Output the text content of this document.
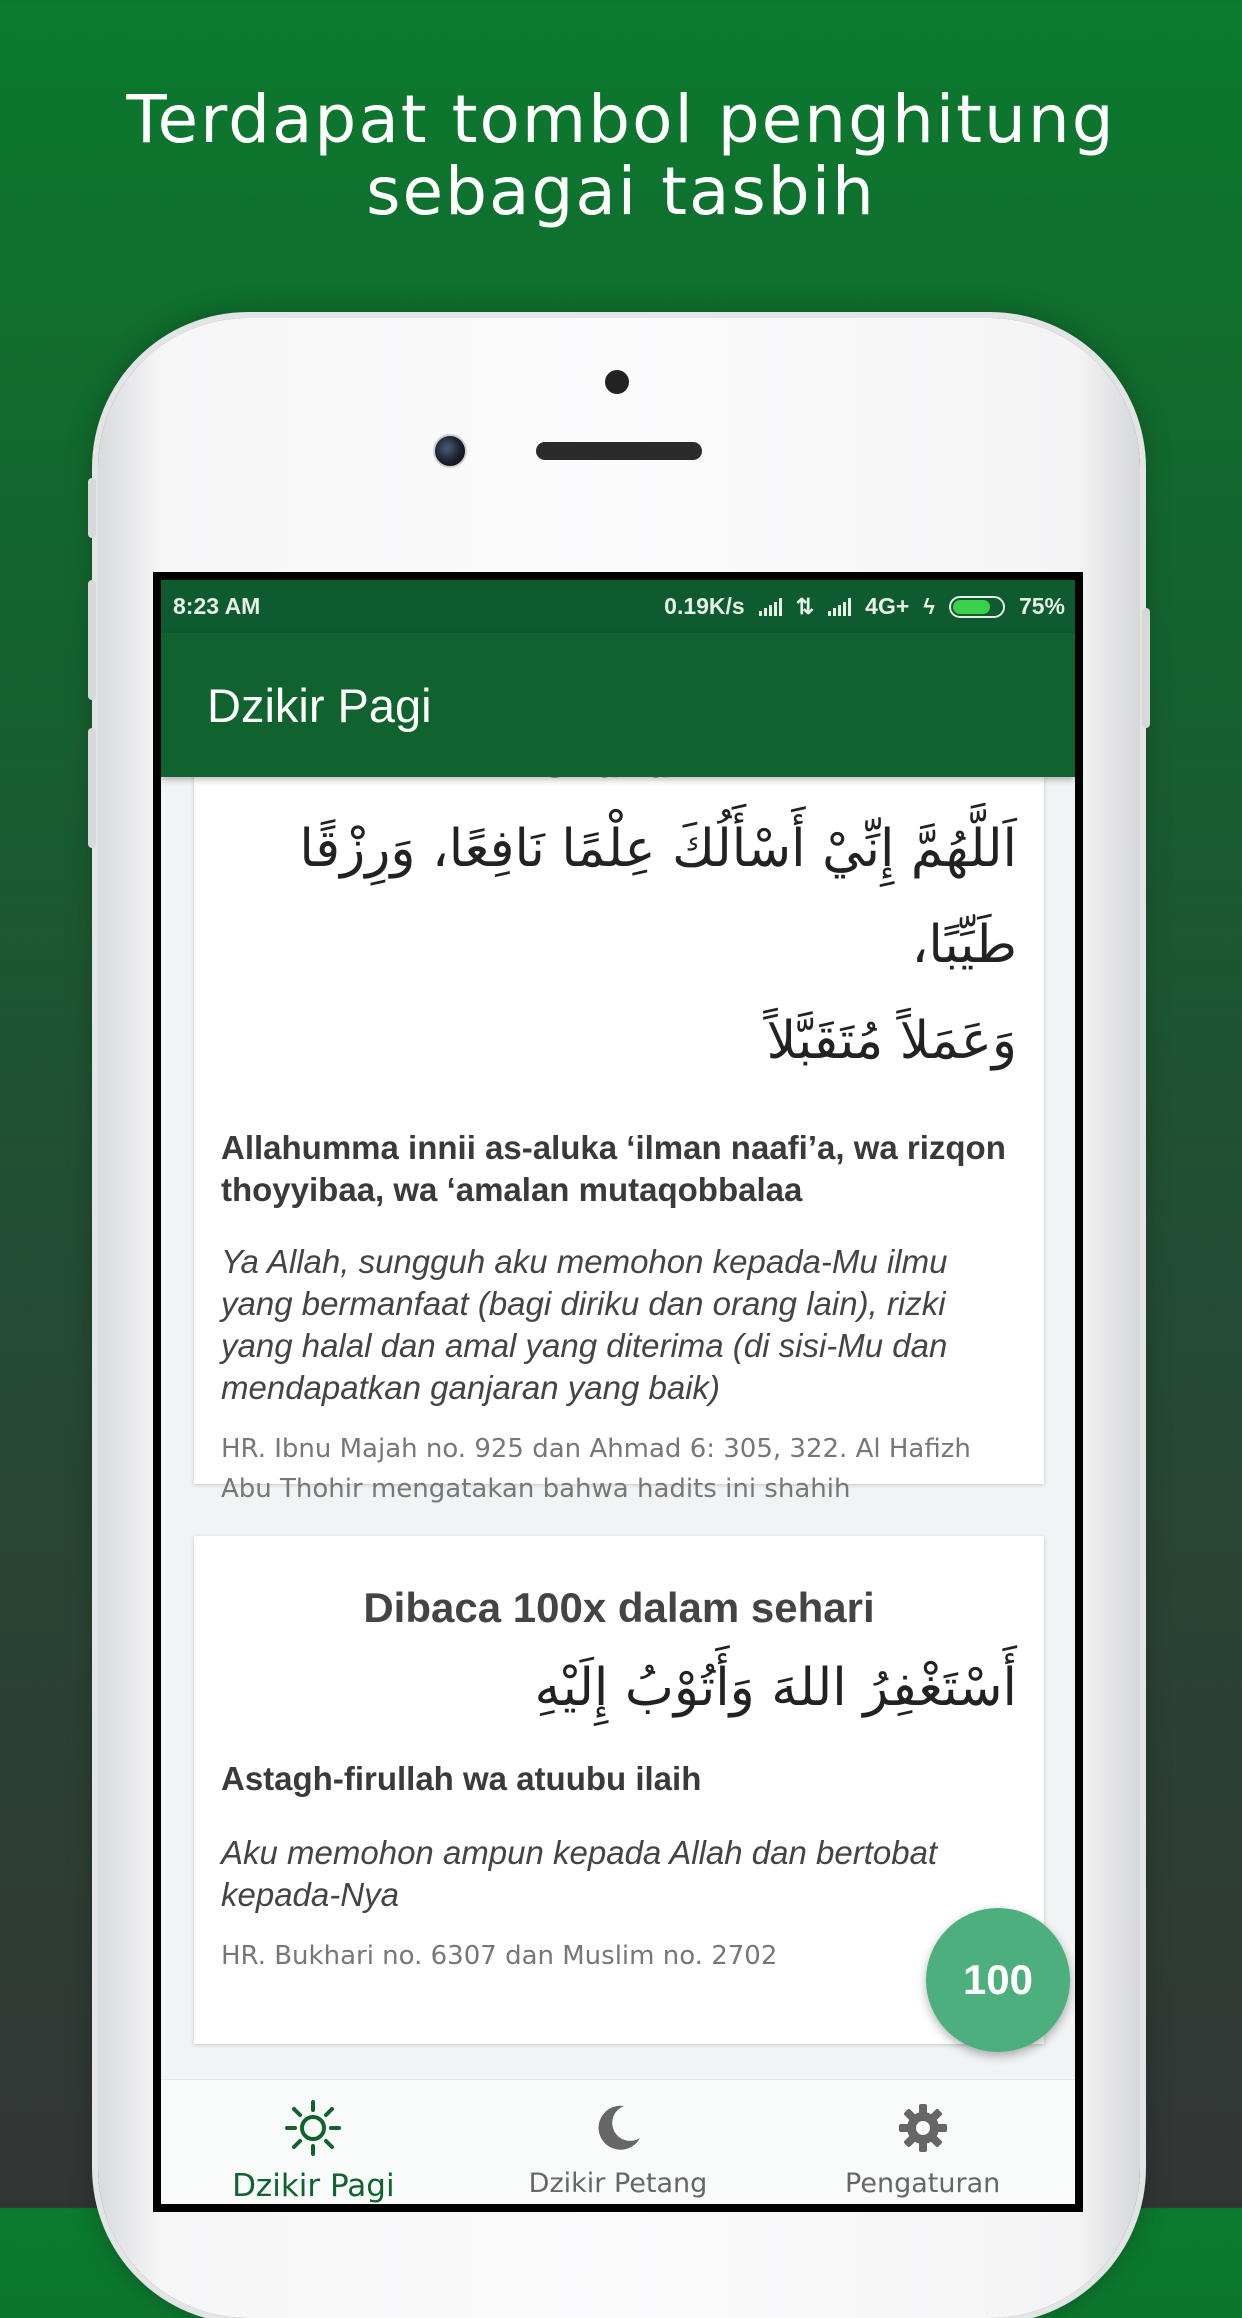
Terdapat tombol penghitung
sebagai tasbih
8:23 AM	0.19K/s ⇅ 4G+ ϟ	75%
Dzikir Pagi
اَللَّهُمَّ إِنِّيْ أَسْأَلُكَ عِلْمًا نَافِعًا، وَرِزْقًا طَيِّبًا،
وَعَمَلاً مُتَقَبَّلاً
Allahumma innii as-aluka ‘ilman naafi’a, wa rizqon thoyyibaa, wa ‘amalan mutaqobbalaa
Ya Allah, sungguh aku memohon kepada-Mu ilmu yang bermanfaat (bagi diriku dan orang lain), rizki yang halal dan amal yang diterima (di sisi-Mu dan mendapatkan ganjaran yang baik)
HR. Ibnu Majah no. 925 dan Ahmad 6: 305, 322. Al Hafizh Abu Thohir mengatakan bahwa hadits ini shahih
Dibaca 100x dalam sehari
أَسْتَغْفِرُ اللهَ وَأَتُوْبُ إِلَيْهِ
Astagh-firullah wa atuubu ilaih
Aku memohon ampun kepada Allah dan bertobat kepada-Nya
HR. Bukhari no. 6307 dan Muslim no. 2702	100
Dzikir Pagi	Dzikir Petang	Pengaturan
